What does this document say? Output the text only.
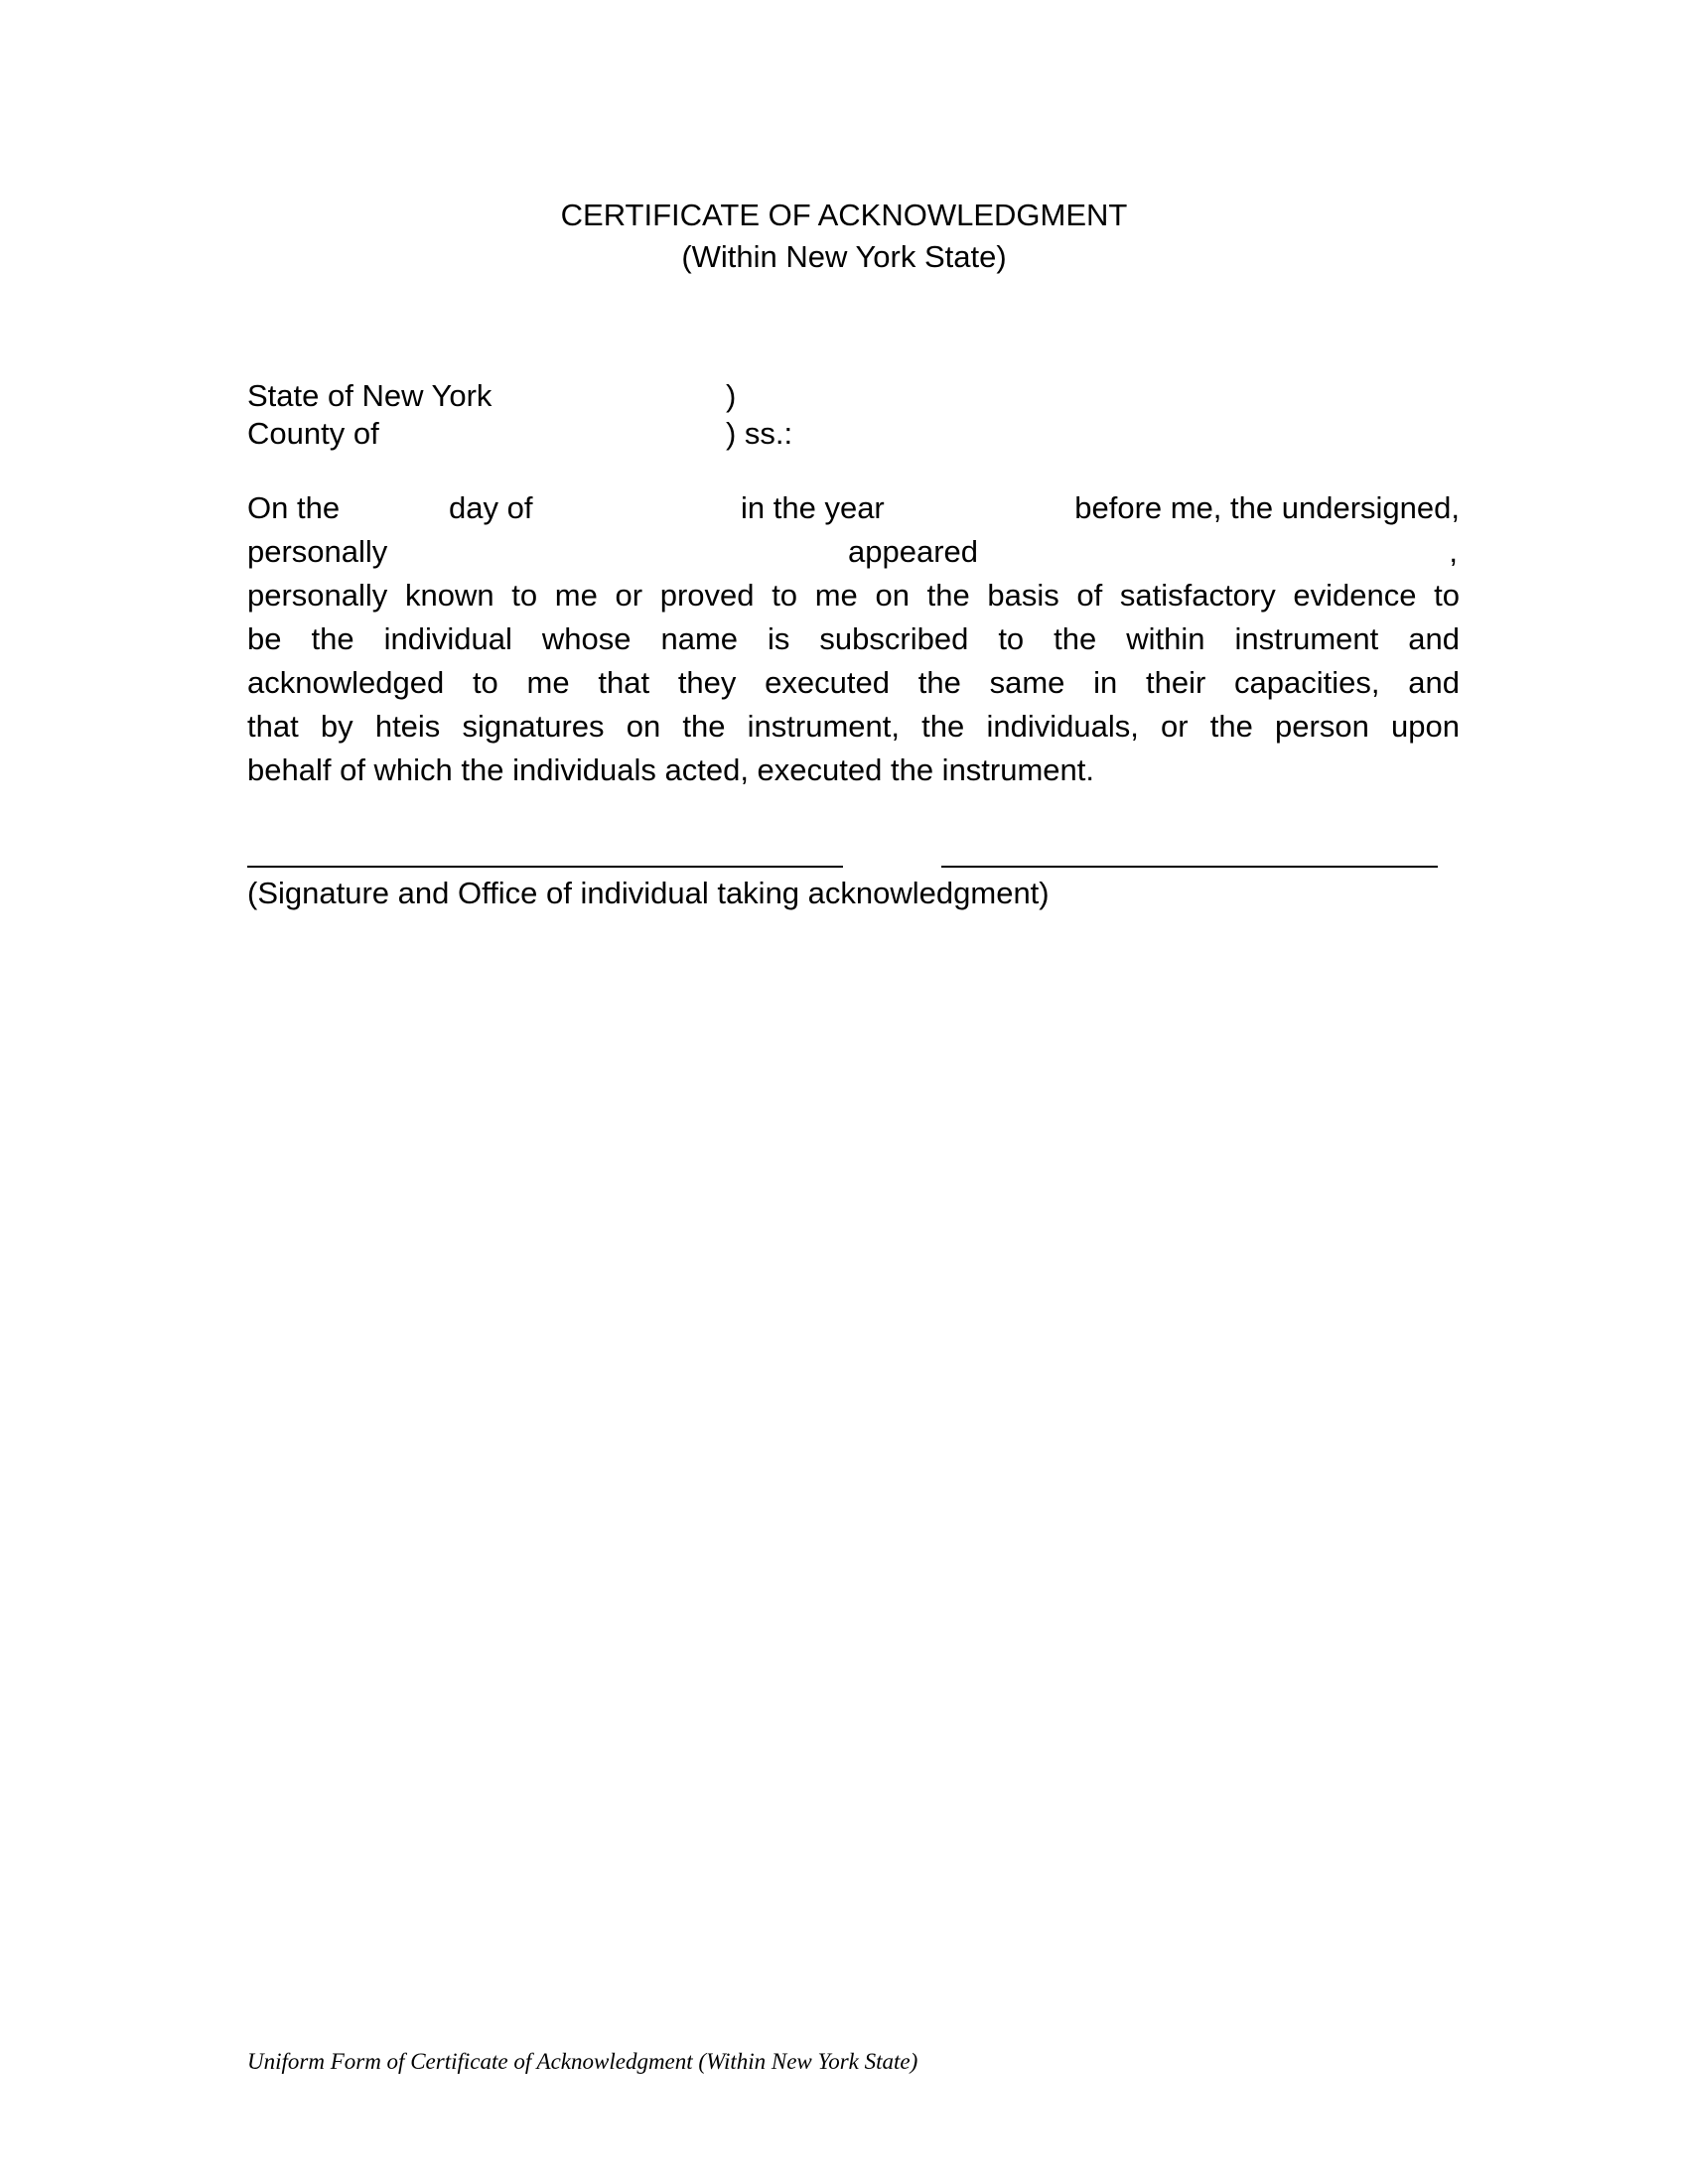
CERTIFICATE OF ACKNOWLEDGMENT
(Within New York State)
State of New York	)
County of	) ss.:
On the	day of	in the year	before me, the undersigned,
personally	appeared	,
personally known to me or proved to me on the basis of satisfactory evidence to
be the individual whose name is subscribed to the within instrument and
acknowledged to me that they executed the same in their capacities, and
that by hteis signatures on the instrument, the individuals, or the person upon
behalf of which the individuals acted, executed the instrument.
(Signature and Office of individual taking acknowledgment)
Uniform Form of Certificate of Acknowledgment (Within New York State)
